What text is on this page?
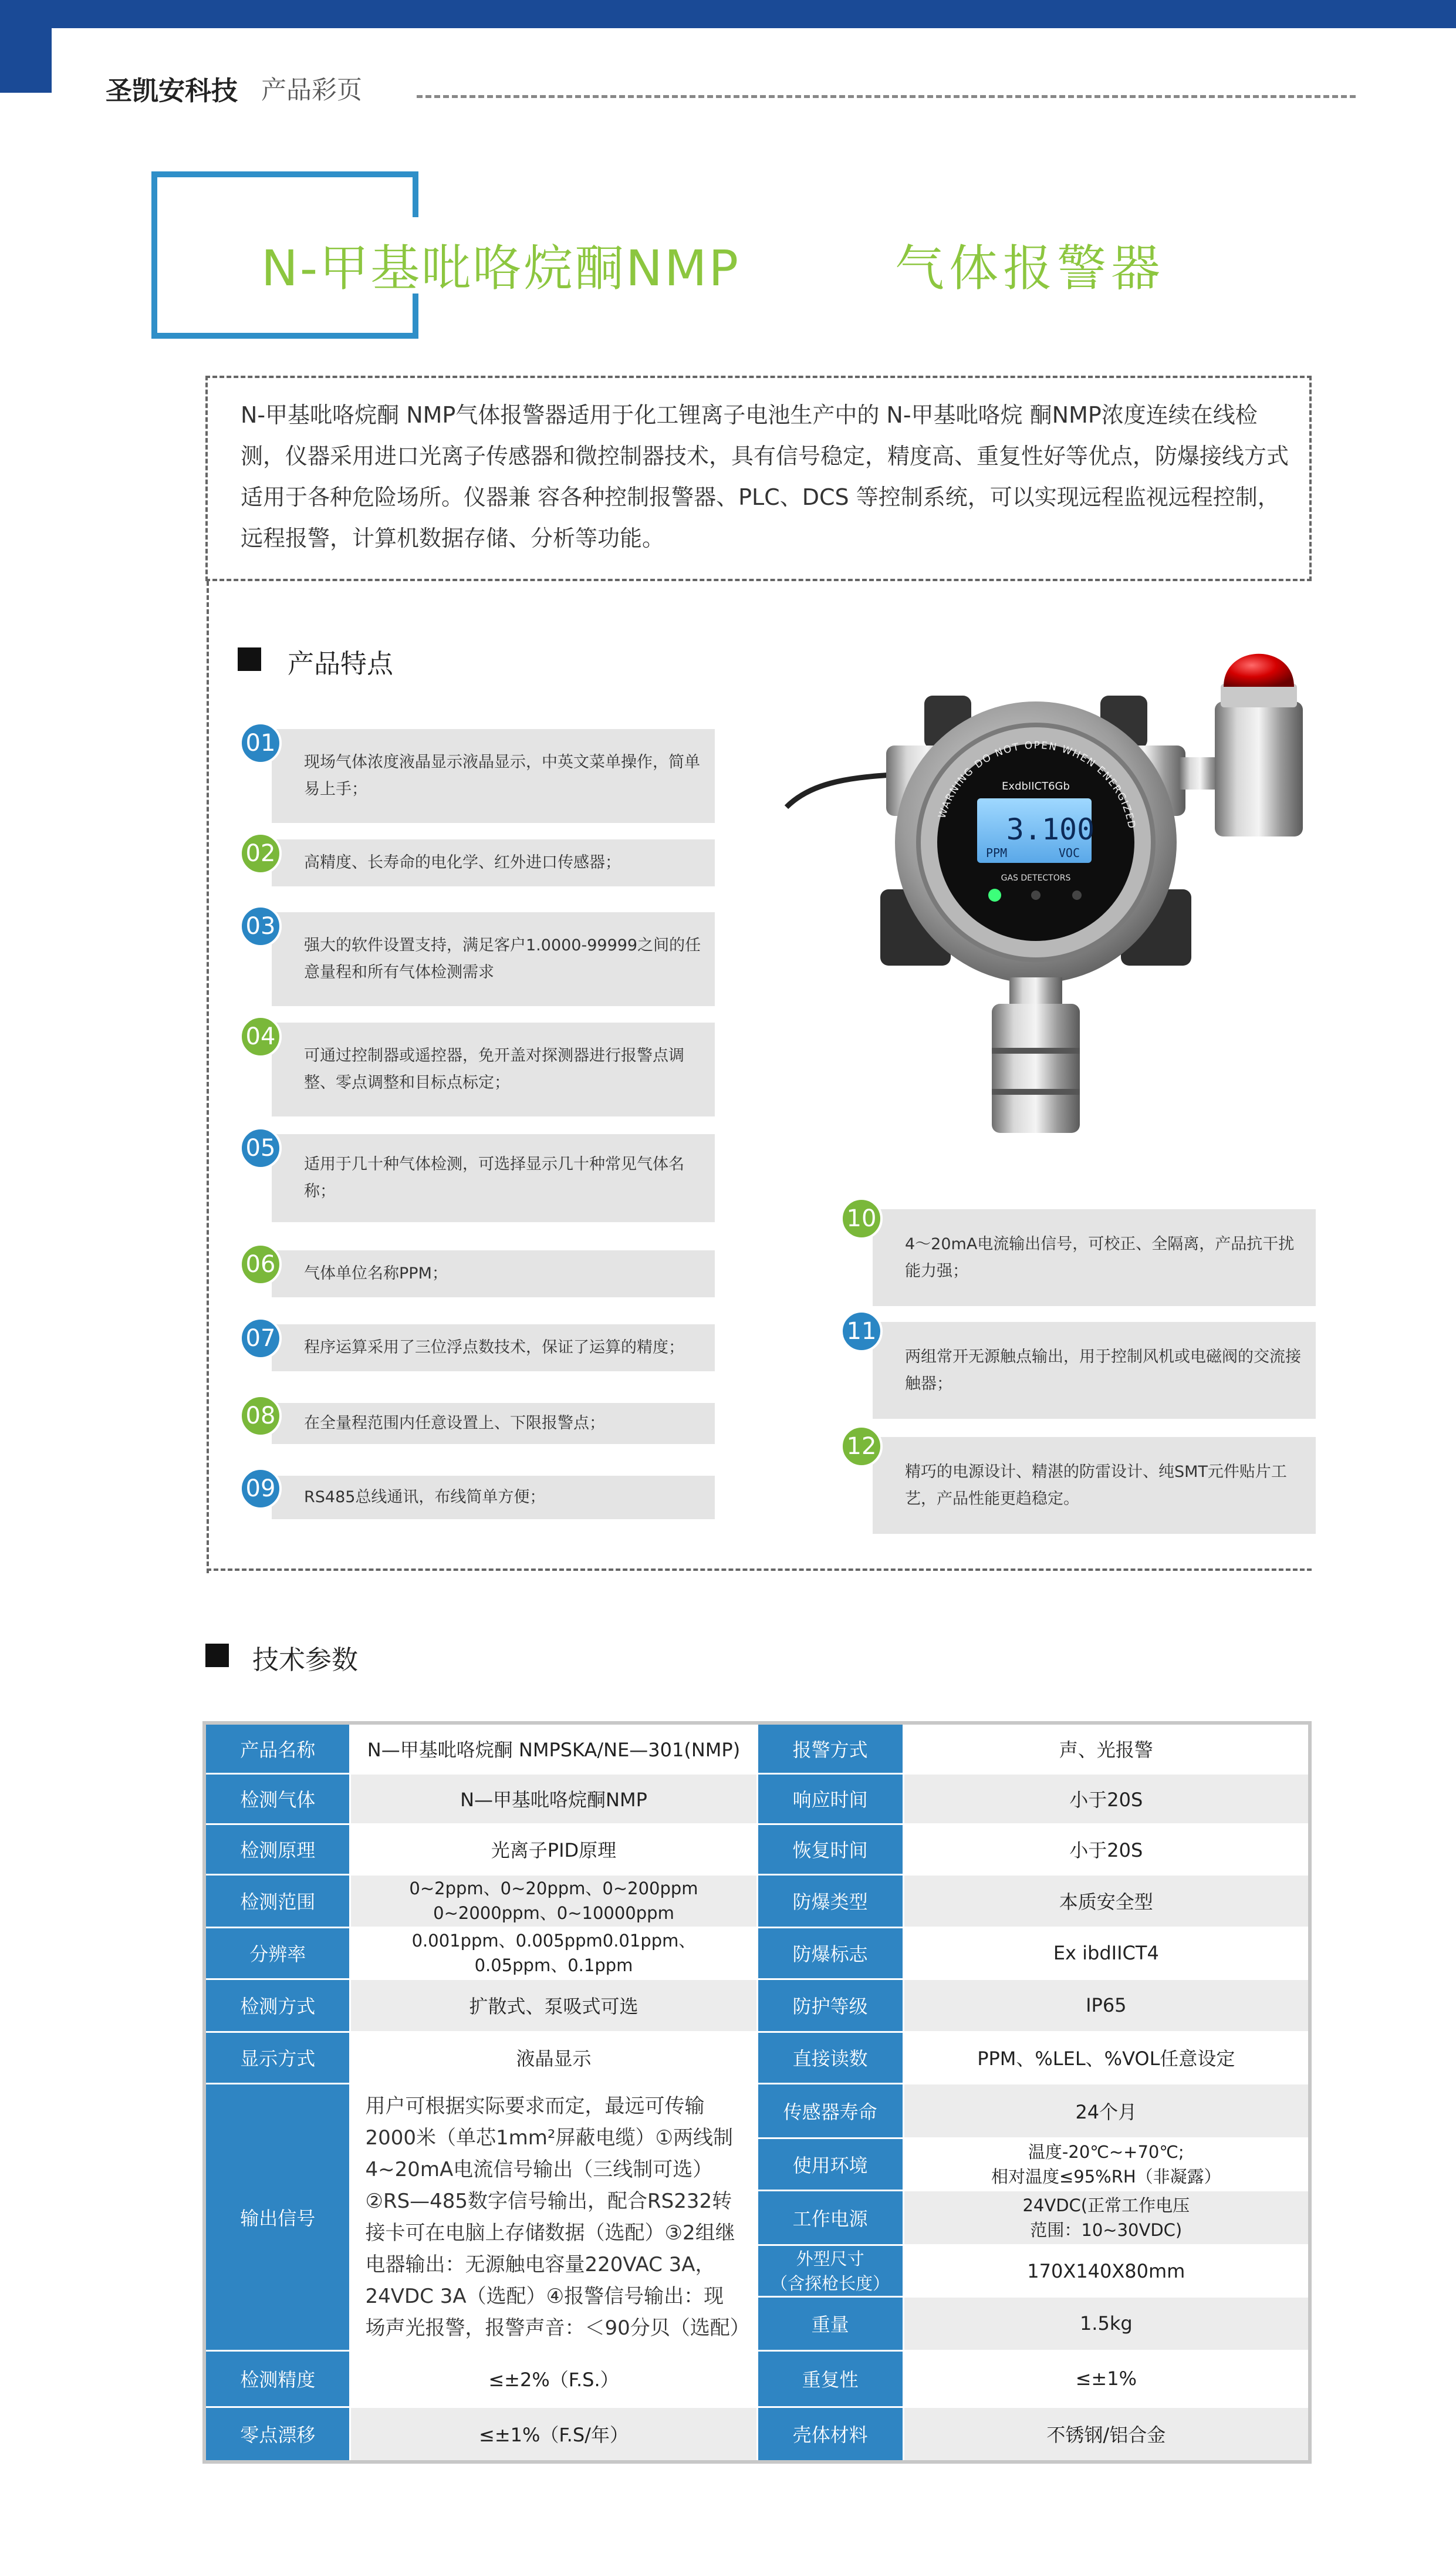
圣凯安科技 产品彩页
N-甲基吡咯烷酮NMP	气体报警器
N-甲基吡咯烷酮 NMP气体报警器适用于化工锂离子电池生产中的 N-甲基吡咯烷 酮NMP浓度连续在线检测，仪器采用进口光离子传感器和微控制器技术，具有信号稳定，精度高、重复性好等优点，防爆接线方式适用于各种危险场所。仪器兼 容各种控制报警器、PLC、DCS 等控制系统，可以实现远程监视远程控制，远程报警，计算机数据存储、分析等功能。
产品特点
现场气体浓度液晶显示液晶显示，中英文菜单操作，简单易上手；
01
高精度、长寿命的电化学、红外进口传感器；
02
强大的软件设置支持，满足客户1.0000-99999之间的任意量程和所有气体检测需求
03
可通过控制器或遥控器，免开盖对探测器进行报警点调整、零点调整和目标点标定；
04
适用于几十种气体检测，可选择显示几十种常见气体名称；
05
气体单位名称PPM；
06
程序运算采用了三位浮点数技术，保证了运算的精度；
07
在全量程范围内任意设置上、下限报警点；
08
RS485总线通讯，布线简单方便；
09
4～20mA电流输出信号，可校正、全隔离，产品抗干扰能力强；
10
两组常开无源触点输出，用于控制风机或电磁阀的交流接触器；
11
精巧的电源设计、精湛的防雷设计、纯SMT元件贴片工艺，产品性能更趋稳定。
12
3.100
PPM	VOC
ExdbIICT6Gb
GAS DETECTORS
WARNING DO NOT OPEN WHEN ENERGIZED
技术参数
产品名称	N—甲基吡咯烷酮 NMPSKA/NE—301(NMP)	报警方式	声、光报警
检测气体	N—甲基吡咯烷酮NMP	响应时间	小于20S
检测原理	光离子PID原理	恢复时间	小于20S
检测范围	0~2ppm、0~20ppm、0~200ppm
0~2000ppm、0~10000ppm	防爆类型	本质安全型
分辨率	0.001ppm、0.005ppm0.01ppm、
0.05ppm、0.1ppm	防爆标志	Ex ibdIICT4
检测方式	扩散式、泵吸式可选	防护等级	IP65
显示方式	液晶显示	直接读数	PPM、%LEL、%VOL任意设定
输出信号	用户可根据实际要求而定，最远可传输2000米（单芯1mm²屏蔽电缆）①两线制4~20mA电流信号输出（三线制可选）②RS—485数字信号输出，配合RS232转接卡可在电脑上存储数据（选配）③2组继电器输出：无源触电容量220VAC 3A，24VDC 3A（选配）④报警信号输出：现场声光报警，报警声音：＜90分贝（选配）	传感器寿命	24个月
		使用环境	温度-20℃~+70℃;
相对温度≤95%RH（非凝露）

		工作电源	24VDC(正常工作电压
范围：10~30VDC)

		外型尺寸
（含探枪长度）	170X140X80mm
		重量	1.5kg
检测精度	≤±2%（F.S.）	重复性	≤±1%
零点漂移	≤±1%（F.S/年）	壳体材料	不锈钢/铝合金
